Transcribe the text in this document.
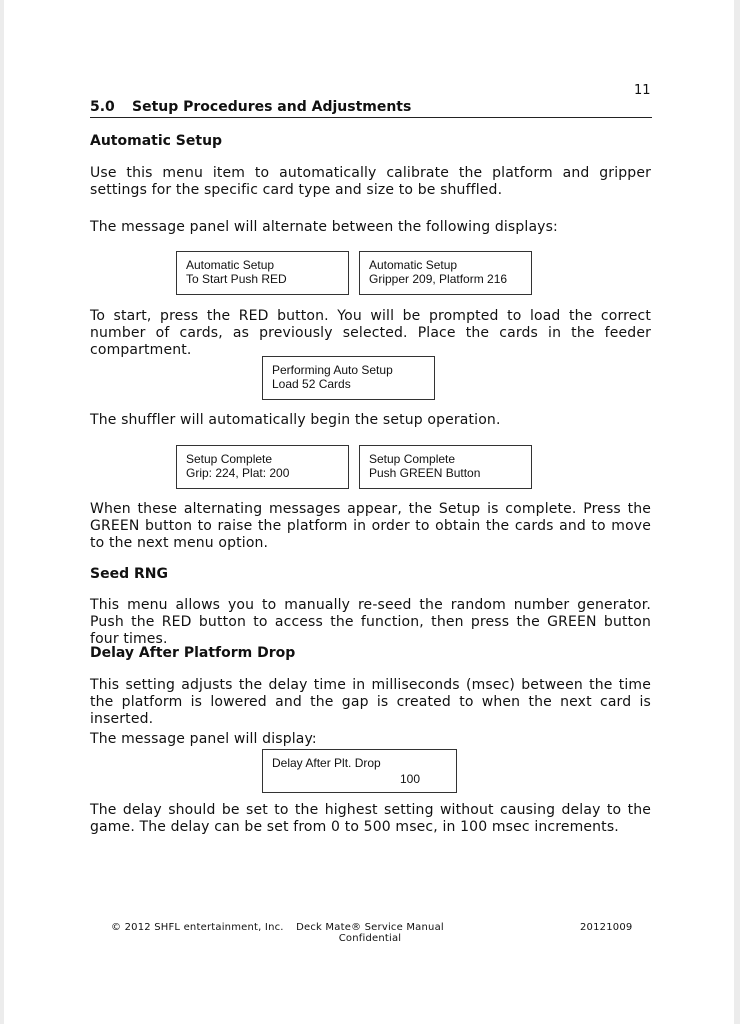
11
5.0 Setup Procedures and Adjustments
Automatic Setup
Use this menu item to automatically calibrate the platform and gripper settings for the specific card type and size to be shuffled.
The message panel will alternate between the following displays:
Automatic Setup
To Start Push RED
Automatic Setup
Gripper 209, Platform 216
To start, press the RED button. You will be prompted to load the correct number of cards, as previously selected. Place the cards in the feeder compartment.
Performing Auto Setup
Load 52 Cards
The shuffler will automatically begin the setup operation.
Setup Complete
Grip: 224, Plat: 200
Setup Complete
Push GREEN Button
When these alternating messages appear, the Setup is complete. Press the GREEN button to raise the platform in order to obtain the cards and to move to the next menu option.
Seed RNG
This menu allows you to manually re-seed the random number generator. Push the RED button to access the function, then press the GREEN button four times.
Delay After Platform Drop
This setting adjusts the delay time in milliseconds (msec) between the time the platform is lowered and the gap is created to when the next card is inserted.
The message panel will display:
Delay After Plt. Drop
100
The delay should be set to the highest setting without causing delay to the game. The delay can be set from 0 to 500 msec, in 100 msec increments.
© 2012 SHFL entertainment, Inc.	Deck Mate® Service Manual
Confidential
20121009
